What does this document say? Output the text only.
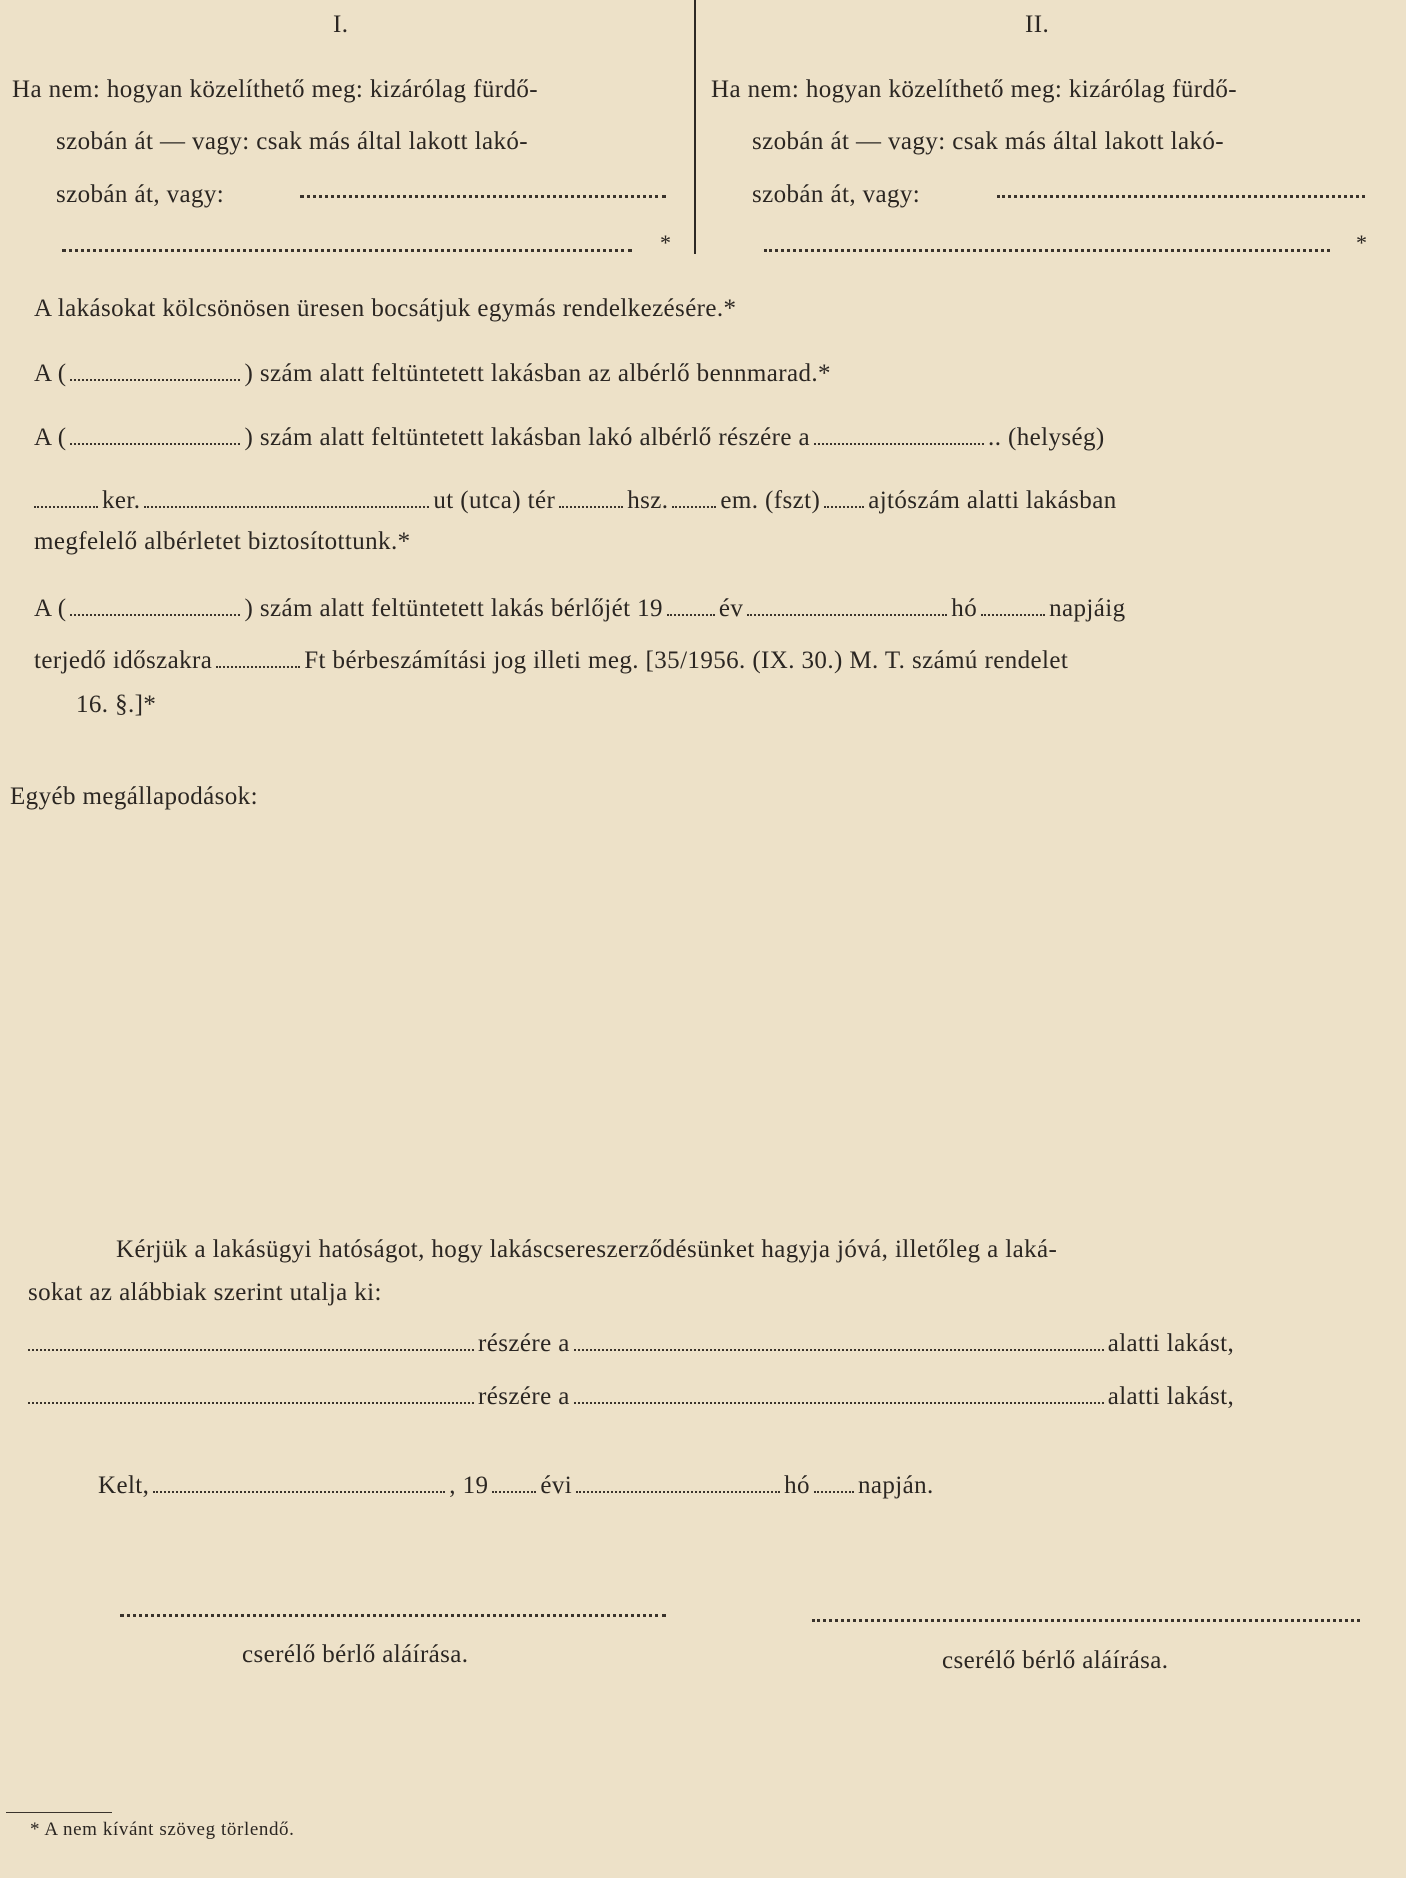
I.	II.
Ha nem: hogyan közelíthető meg: kizárólag fürdő-
szobán át — vagy: csak más által lakott lakó-
szobán át, vagy:
*
Ha nem: hogyan közelíthető meg: kizárólag fürdő-
szobán át — vagy: csak más által lakott lakó-
szobán át, vagy:
*
A lakásokat kölcsönösen üresen bocsátjuk egymás rendelkezésére.*
A (	) szám alatt feltüntetett lakásban az albérlő bennmarad.*
A (	) szám alatt feltüntetett lakásban lakó albérlő részére a	.. (helység)
ker.	ut (utca) tér	hsz. em. (fszt) ajtószám alatti lakásban
megfelelő albérletet biztosítottunk.*
A (	) szám alatt feltüntetett lakás bérlőjét 19 év	hó	napjáig
terjedő időszakra	Ft bérbeszámítási jog illeti meg. [35/1956. (IX. 30.) M. T. számú rendelet
16. §.]*
Egyéb megállapodások:
Kérjük a lakásügyi hatóságot, hogy lakáscsereszerződésünket hagyja jóvá, illetőleg a laká-
sokat az alábbiak szerint utalja ki:
részére a	alatti lakást,
részére a	alatti lakást,
Kelt,	, 19 évi	hó napján.
cserélő bérlő aláírása.	cserélő bérlő aláírása.
* A nem kívánt szöveg törlendő.
